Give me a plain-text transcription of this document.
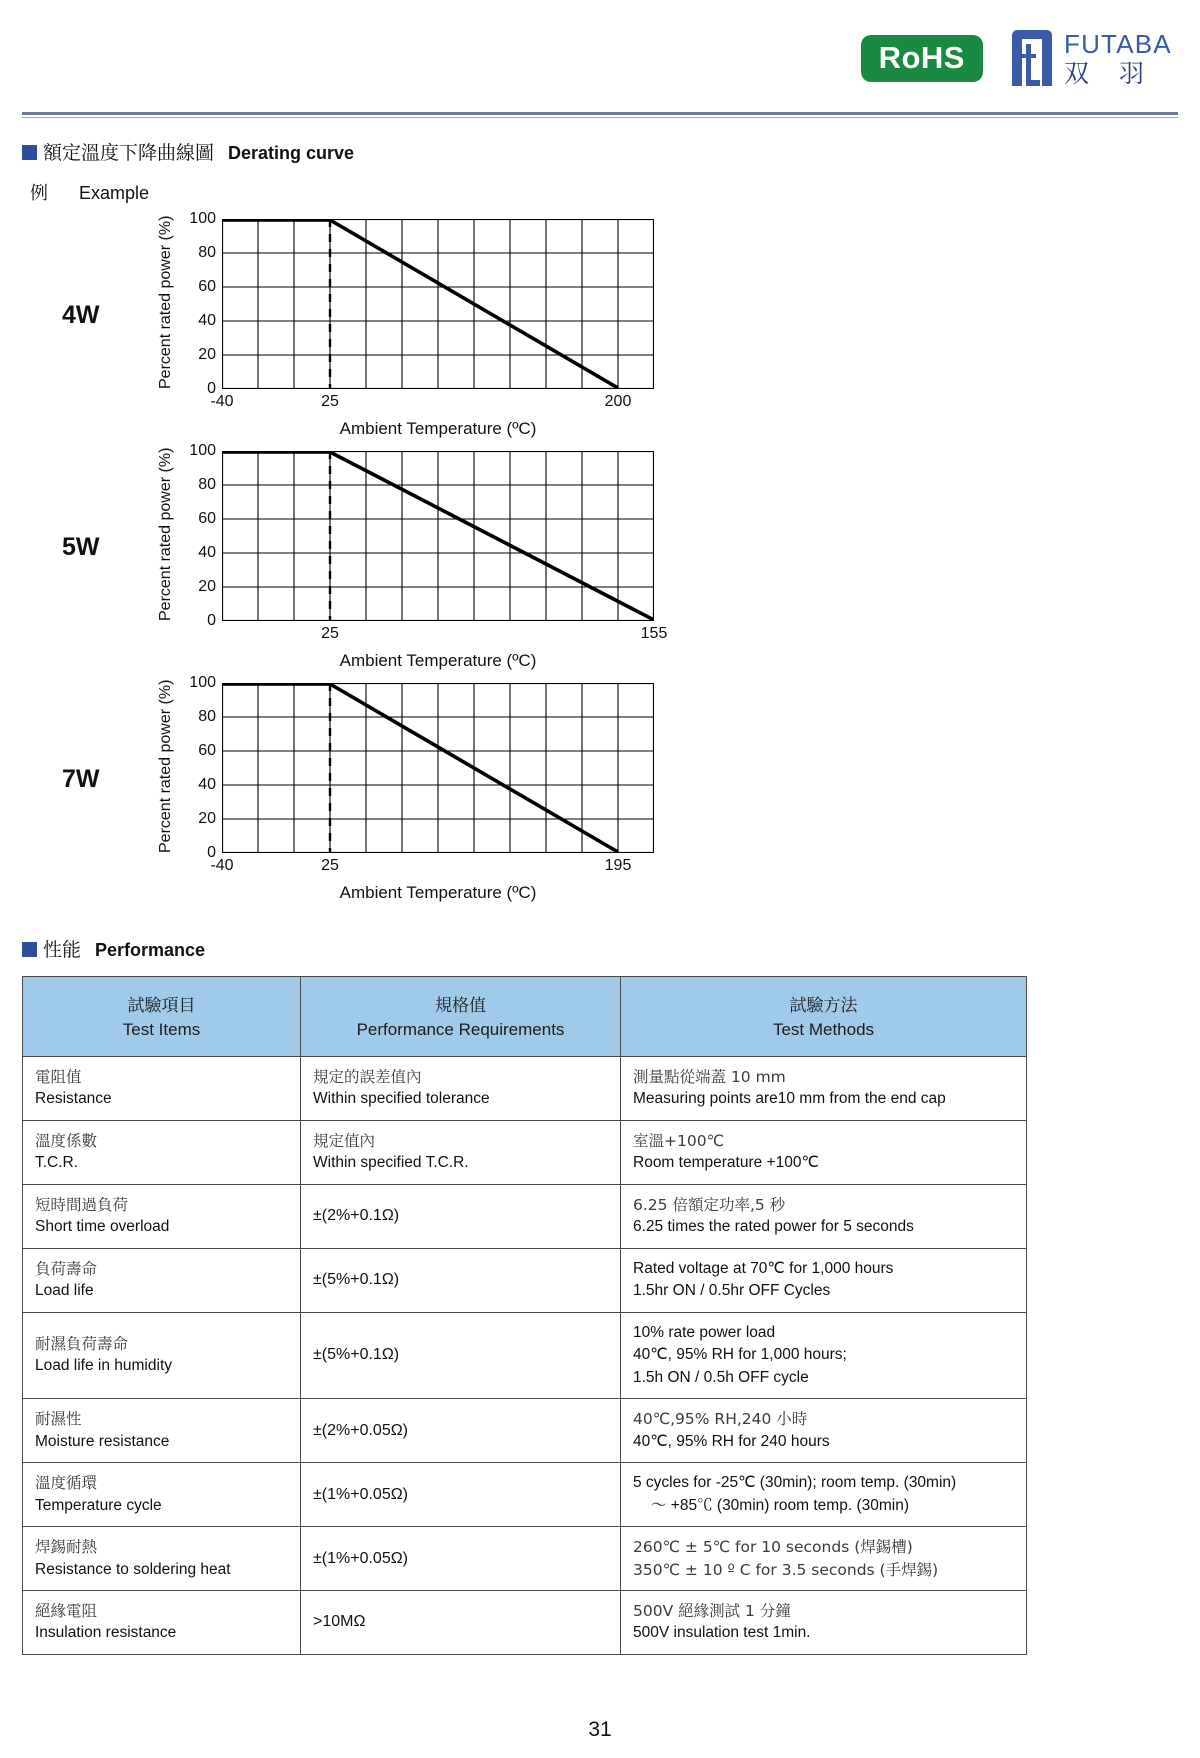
RoHS	FUTABA
双羽
額定溫度下降曲線圖 Derating curve
例 Example
4W	Percent rated power (%) 100
80
60
40
20
0
-40	25	200
Ambient Temperature (ºC)
5W	Percent rated power (%) 100
80
60
40
20
0
25	155
Ambient Temperature (ºC)
7W	Percent rated power (%) 100
80
60
40
20
0
-40	25	195
Ambient Temperature (ºC)
性能 Performance
試驗項目
Test Items	規格值
Performance Requirements	試驗方法
Test Methods

電阻值
Resistance	規定的誤差值內
Within specified tolerance	測量點從端蓋 10 mm
Measuring points are10 mm from the end cap

溫度係數
T.C.R.	規定值內
Within specified T.C.R.	室溫+100℃
Room temperature +100℃

短時間過負荷
Short time overload	±(2%+0.1Ω)	6.25 倍額定功率,5 秒
6.25 times the rated power for 5 seconds

負荷壽命
Load life	±(5%+0.1Ω)	Rated voltage at 70℃ for 1,000 hours
1.5hr ON / 0.5hr OFF Cycles

耐濕負荷壽命
Load life in humidity	±(5%+0.1Ω)	10% rate power load
40℃, 95% RH for 1,000 hours;
1.5h ON / 0.5h OFF cycle

耐濕性
Moisture resistance	±(2%+0.05Ω)	40℃,95% RH,240 小時
40℃, 95% RH for 240 hours

溫度循環
Temperature cycle	±(1%+0.05Ω)	5 cycles for -25℃ (30min); room temp. (30min)
～ +85℃ (30min) room temp. (30min)

焊錫耐熱
Resistance to soldering heat	±(1%+0.05Ω)	260℃ ± 5℃ for 10 seconds (焊錫槽)
350℃ ± 10 º C for 3.5 seconds (手焊錫)

絕緣電阻
Insulation resistance	>10MΩ	500V 絕緣測試 1 分鐘
500V insulation test 1min.
31
